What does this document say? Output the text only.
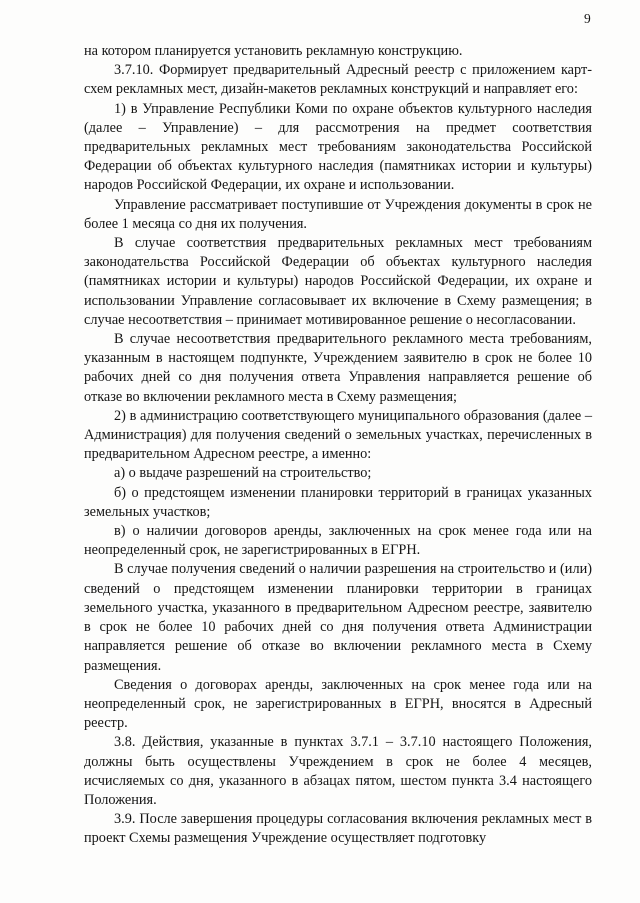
9

на котором планируется установить рекламную конструкцию.

3.7.10. Формирует предварительный Адресный реестр с приложением карт-схем рекламных мест, дизайн-макетов рекламных конструкций и направляет его:

1) в Управление Республики Коми по охране объектов культурного наследия (далее – Управление) – для рассмотрения на предмет соответствия предварительных рекламных мест требованиям законодательства Российской Федерации об объектах культурного наследия (памятниках истории и культуры) народов Российской Федерации, их охране и использовании.

Управление рассматривает поступившие от Учреждения документы в срок не более 1 месяца со дня их получения.

В случае соответствия предварительных рекламных мест требованиям законодательства Российской Федерации об объектах культурного наследия (памятниках истории и культуры) народов Российской Федерации, их охране и использовании Управление согласовывает их включение в Схему размещения; в случае несоответствия – принимает мотивированное решение о несогласовании.

В случае несоответствия предварительного рекламного места требованиям, указанным в настоящем подпункте, Учреждением заявителю в срок не более 10 рабочих дней со дня получения ответа Управления направляется решение об отказе во включении рекламного места в Схему размещения;

2) в администрацию соответствующего муниципального образования (далее – Администрация) для получения сведений о земельных участках, перечисленных в предварительном Адресном реестре, а именно:

а) о выдаче разрешений на строительство;

б) о предстоящем изменении планировки территорий в границах указанных земельных участков;

в) о наличии договоров аренды, заключенных на срок менее года или на неопределенный срок, не зарегистрированных в ЕГРН.

В случае получения сведений о наличии разрешения на строительство и (или) сведений о предстоящем изменении планировки территории в границах земельного участка, указанного в предварительном Адресном реестре, заявителю в срок не более 10 рабочих дней со дня получения ответа Администрации направляется решение об отказе во включении рекламного места в Схему размещения.

Сведения о договорах аренды, заключенных на срок менее года или на неопределенный срок, не зарегистрированных в ЕГРН, вносятся в Адресный реестр.

3.8. Действия, указанные в пунктах 3.7.1 – 3.7.10 настоящего Положения, должны быть осуществлены Учреждением в срок не более 4 месяцев, исчисляемых со дня, указанного в абзацах пятом, шестом пункта 3.4 настоящего Положения.

3.9. После завершения процедуры согласования включения рекламных мест в проект Схемы размещения Учреждение осуществляет подготовку
